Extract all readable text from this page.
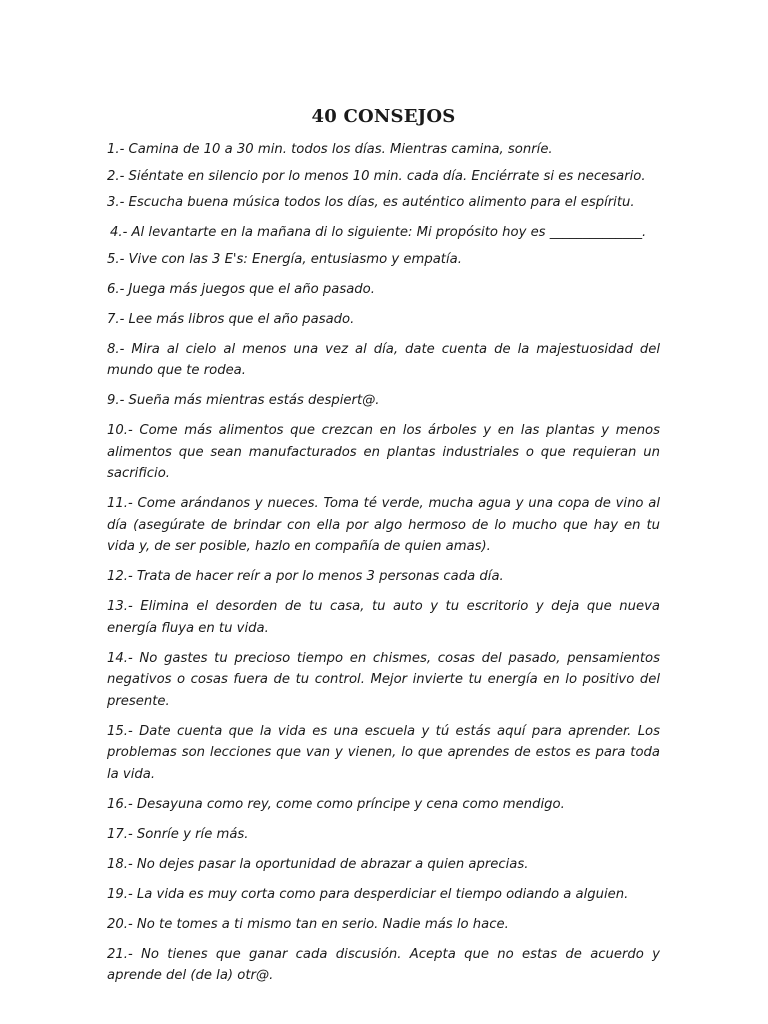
40 CONSEJOS
1.- Camina de 10 a 30 min. todos los días. Mientras camina, sonríe.
2.- Siéntate en silencio por lo menos 10 min. cada día. Enciérrate si es necesario.
3.- Escucha buena música todos los días, es auténtico alimento para el espíritu.
4.- Al levantarte en la mañana di lo siguiente: Mi propósito hoy es ______________.
5.- Vive con las 3 E's: Energía, entusiasmo y empatía.
6.- Juega más juegos que el año pasado.
7.- Lee más libros que el año pasado.
8.- Mira al cielo al menos una vez al día, date cuenta de la majestuosidad del mundo que te rodea.
9.- Sueña más mientras estás despiert@.
10.- Come más alimentos que crezcan en los árboles y en las plantas y menos alimentos que sean manufacturados en plantas industriales o que requieran un sacrificio.
11.- Come arándanos y nueces. Toma té verde, mucha agua y una copa de vino al día (asegúrate de brindar con ella por algo hermoso de lo mucho que hay en tu vida y, de ser posible, hazlo en compañía de quien amas).
12.- Trata de hacer reír a por lo menos 3 personas cada día.
13.- Elimina el desorden de tu casa, tu auto y tu escritorio y deja que nueva energía fluya en tu vida.
14.- No gastes tu precioso tiempo en chismes, cosas del pasado, pensamientos negativos o cosas fuera de tu control. Mejor invierte tu energía en lo positivo del presente.
15.- Date cuenta que la vida es una escuela y tú estás aquí para aprender. Los problemas son lecciones que van y vienen, lo que aprendes de estos es para toda la vida.
16.- Desayuna como rey, come como príncipe y cena como mendigo.
17.- Sonríe y ríe más.
18.- No dejes pasar la oportunidad de abrazar a quien aprecias.
19.- La vida es muy corta como para desperdiciar el tiempo odiando a alguien.
20.- No te tomes a ti mismo tan en serio. Nadie más lo hace.
21.- No tienes que ganar cada discusión. Acepta que no estas de acuerdo y aprende del (de la) otr@.
